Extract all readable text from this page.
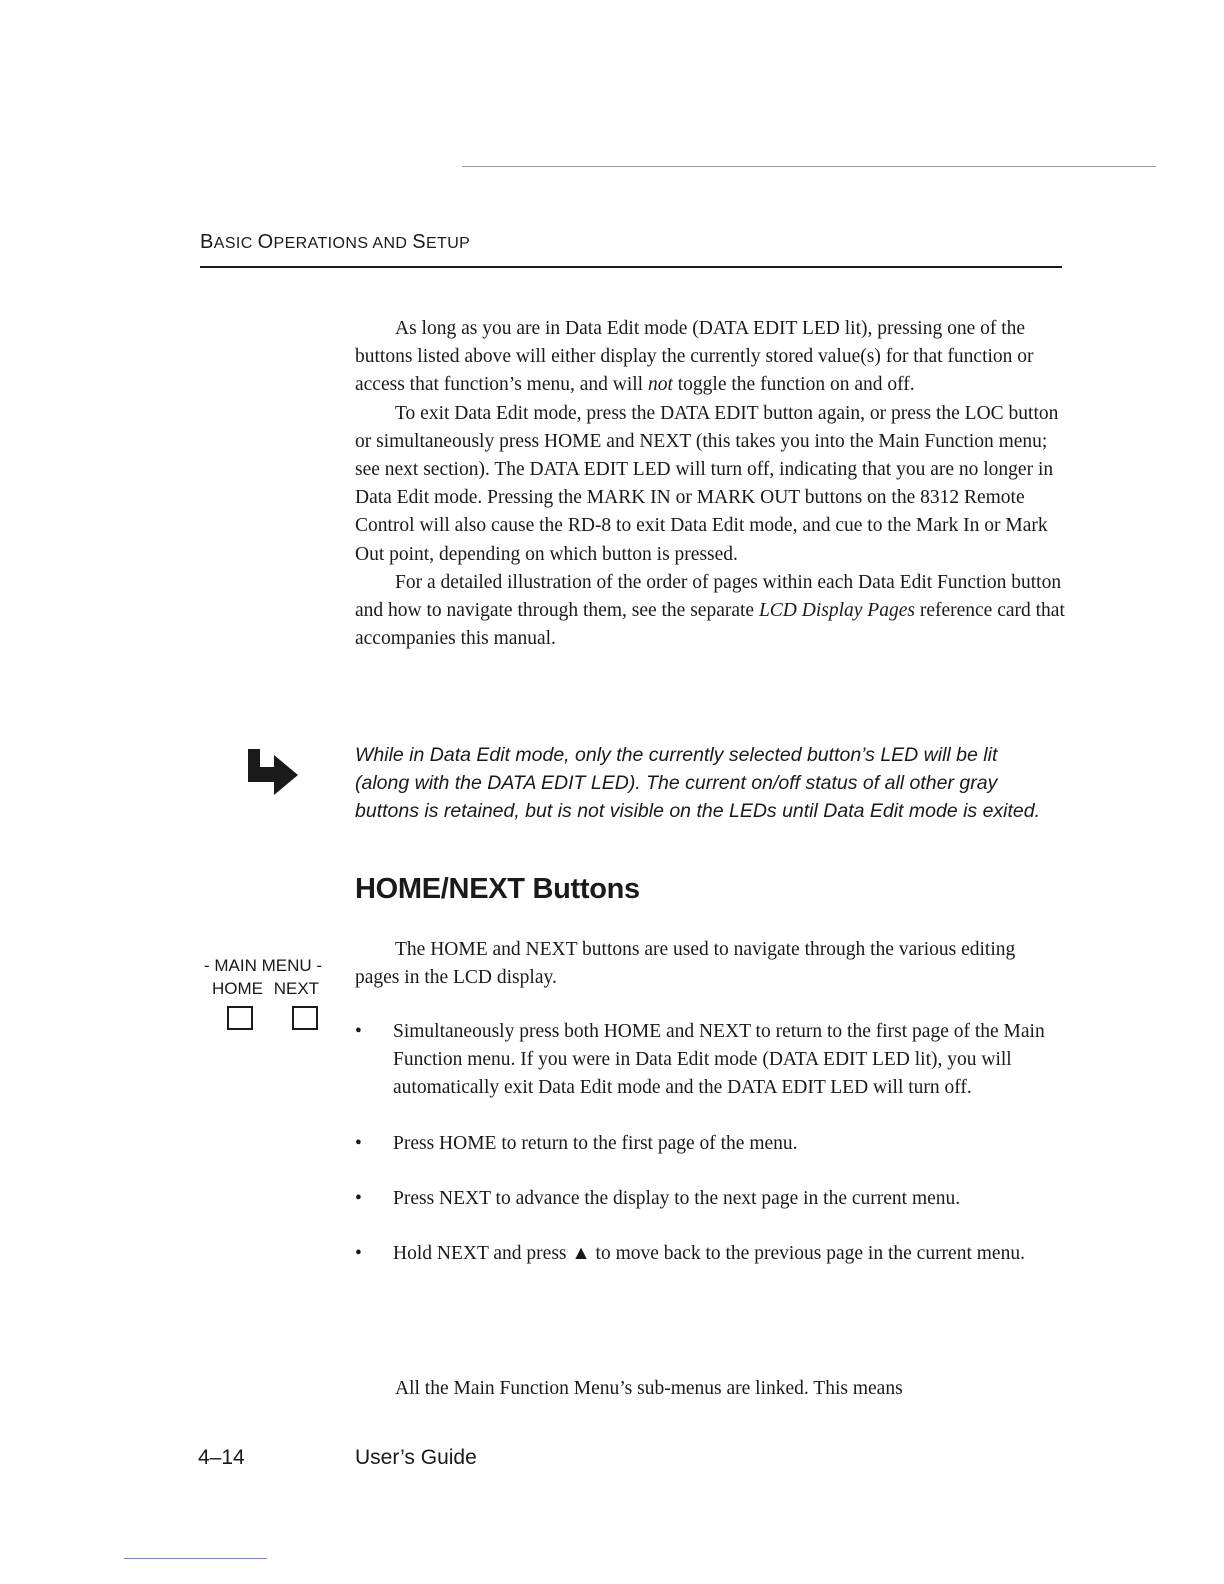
BASIC OPERATIONS AND SETUP

As long as you are in Data Edit mode (DATA EDIT LED lit), pressing one of the buttons listed above will either display the currently stored value(s) for that function or access that function’s menu, and will not toggle the function on and off.

To exit Data Edit mode, press the DATA EDIT button again, or press the LOC button or simultaneously press HOME and NEXT (this takes you into the Main Function menu; see next section). The DATA EDIT LED will turn off, indicating that you are no longer in Data Edit mode. Pressing the MARK IN or MARK OUT buttons on the 8312 Remote Control will also cause the RD-8 to exit Data Edit mode, and cue to the Mark In or Mark Out point, depending on which button is pressed.

For a detailed illustration of the order of pages within each Data Edit Function button and how to navigate through them, see the separate LCD Display Pages reference card that accompanies this manual.

While in Data Edit mode, only the currently selected button’s LED will be lit (along with the DATA EDIT LED). The current on/off status of all other gray buttons is retained, but is not visible on the LEDs until Data Edit mode is exited.
HOME/NEXT Buttons
- MAIN MENU -
HOME NEXT

The HOME and NEXT buttons are used to navigate through the various editing pages in the LCD display.

• Simultaneously press both HOME and NEXT to return to the first page of the Main Function menu. If you were in Data Edit mode (DATA EDIT LED lit), you will automatically exit Data Edit mode and the DATA EDIT LED will turn off.
• Press HOME to return to the first page of the menu.
• Press NEXT to advance the display to the next page in the current menu.
• Hold NEXT and press ▲ to move back to the previous page in the current menu.

All the Main Function Menu’s sub-menus are linked. This means

4–14	User’s Guide
